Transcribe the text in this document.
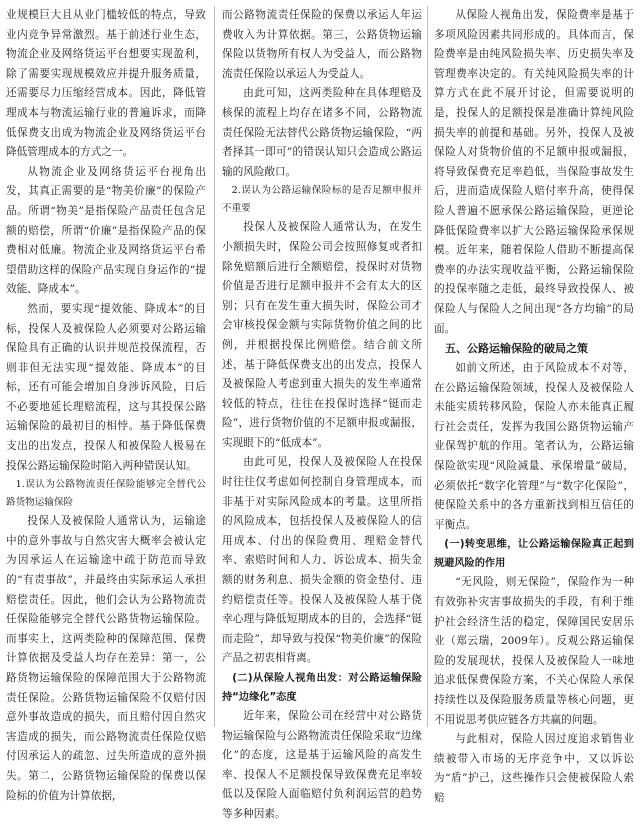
业规模巨大且从业门槛较低的特点，导致业内竞争异常激烈。基于前述行业生态，物流企业及网络货运平台想要实现盈利，除了需要实现规模效应并提升服务质量，还需要尽力压缩经营成本。因此，降低管理成本与物流运输行业的普遍诉求，而降低保费支出成为物流企业及网络货运平台降低管理成本的方式之一。

从物流企业及网络货运平台视角出发，其真正需要的是“物美价廉”的保险产品。所谓“物美”是指保险产品责任包含足额的赔偿，所谓“价廉”是指保险产品的保费相对低廉。物流企业及网络货运平台希望借助这样的保险产品实现自身运作的“提效能、降成本”。

然而，要实现“提效能、降成本”的目标，投保人及被保险人必须要对公路运输保险具有正确的认识并规范投保流程，否则非但无法实现“提效能、降成本”的目标，还有可能会增加自身涉诉风险，日后不必要地延长理赔流程，这与其投保公路运输保险的最初目的相悖。基于降低保费支出的出发点，投保人和被保险人极易在投保公路运输保险时陷入两种错误认知。

1.误认为公路物流责任保险能够完全替代公路货物运输保险

投保人及被保险人通常认为，运输途中的意外事故与自然灾害大概率会被认定为因承运人在运输途中疏于防范而导致的“有责事故”，并最终由实际承运人承担赔偿责任。因此，他们会认为公路物流责任保险能够完全替代公路货物运输保险。而事实上，这两类险种的保障范围、保费计算依据及受益人均存在差异：第一，公路货物运输保险的保障范围大于公路物流责任保险。公路货物运输保险不仅赔付因意外事故造成的损失，而且赔付因自然灾害造成的损失，而公路物流责任保险仅赔付因承运人的疏忽、过失所造成的意外损失。第二，公路货物运输保险的保费以保险标的价值为计算依据，

而公路物流责任保险的保费以承运人年运费收入为计算依据。第三，公路货物运输保险以货物所有权人为受益人，而公路物流责任保险以承运人为受益人。

由此可知，这两类险种在具体理赔及核保的流程上均存在诸多不同，公路物流责任保险无法替代公路货物运输保险，“两者择其一即可”的错误认知只会造成公路运输的风险敞口。

2.误认为公路运输保险标的是否足额申报并不重要

投保人及被保险人通常认为，在发生小额损失时，保险公司会按照修复或者扣除免赔额后进行全额赔偿，投保时对货物价值是否进行足额申报并不会有太大的区别；只有在发生重大损失时，保险公司才会审核投保金额与实际货物价值之间的比例，并根据投保比例赔偿。结合前文所述，基于降低保费支出的出发点，投保人及被保险人考虑到重大损失的发生率通常较低的特点，往往在投保时选择“铤而走险”，进行货物价值的不足额申报或漏报，实现眼下的“低成本”。

由此可见，投保人及被保险人在投保时往往仅考虑如何控制自身管理成本，而非基于对实际风险成本的考量。这里所指的风险成本，包括投保人及被保险人的信用成本、付出的保险费用、理赔金替代率、索赔时间和人力、诉讼成本、损失金额的财务利息、损失金额的资金垫付、违约赔偿责任等。投保人及被保险人基于侥幸心理与降低短期成本的目的，会选择“铤而走险”，却导致与投保“物美价廉”的保险产品之初衷相背离。

(二)从保险人视角出发：对公路运输保险持“边缘化”态度

近年来，保险公司在经营中对公路货物运输保险与公路物流责任保险采取“边缘化”的态度，这是基于运输风险的高发生率、投保人不足额投保导致保费充足率较低以及保险人面临赔付负利润运营的趋势等多种因素。

从保险人视角出发，保险费率是基于多项风险因素共同形成的。具体而言，保险费率是由纯风险损失率、历史损失率及管理费率决定的。有关纯风险损失率的计算方式在此不展开讨论，但需要说明的是，投保人的足额投保是准确计算纯风险损失率的前提和基础。另外，投保人及被保险人对货物价值的不足额申报或漏报，将导致保费充足率趋低，当保险事故发生后，进而造成保险人赔付率升高，使得保险人普遍不愿承保公路运输保险，更逆论降低保险费率以扩大公路运输保险承保规模。近年来，随着保险人借助不断提高保费率的办法实现收益平衡，公路运输保险的投保率随之走低，最终导致投保人、被保险人与保险人之间出现“各方均输”的局面。

五、公路运输保险的破局之策

如前文所述，由于风险成本不对等，在公路运输保险领域，投保人及被保险人未能实质转移风险，保险人亦未能真正履行社会责任，发挥为我国公路货物运输产业保驾护航的作用。笔者认为，公路运输保险欲实现“风险减量、承保增量”破局，必须依托“数字化管理”与“数字化保险”，使保险关系中的各方重新找到相互信任的平衡点。

(一)转变思维，让公路运输保险真正起到规避风险的作用

“无风险，则无保险”，保险作为一种有效弥补灾害事故损失的手段，有利于维护社会经济生活的稳定，保障国民安居乐业（郑云瑞，2009年）。反观公路运输保险的发展现状，投保人及被保险人一味地追求低保费保险方案，不关心保险人承保持续性以及保险服务质量等核心问题，更不用说思考供应链各方共赢的问题。

与此相对，保险人因过度追求销售业绩被带入市场的无序竞争中，又以诉讼为“盾”护己，这些操作只会使被保险人索赔
